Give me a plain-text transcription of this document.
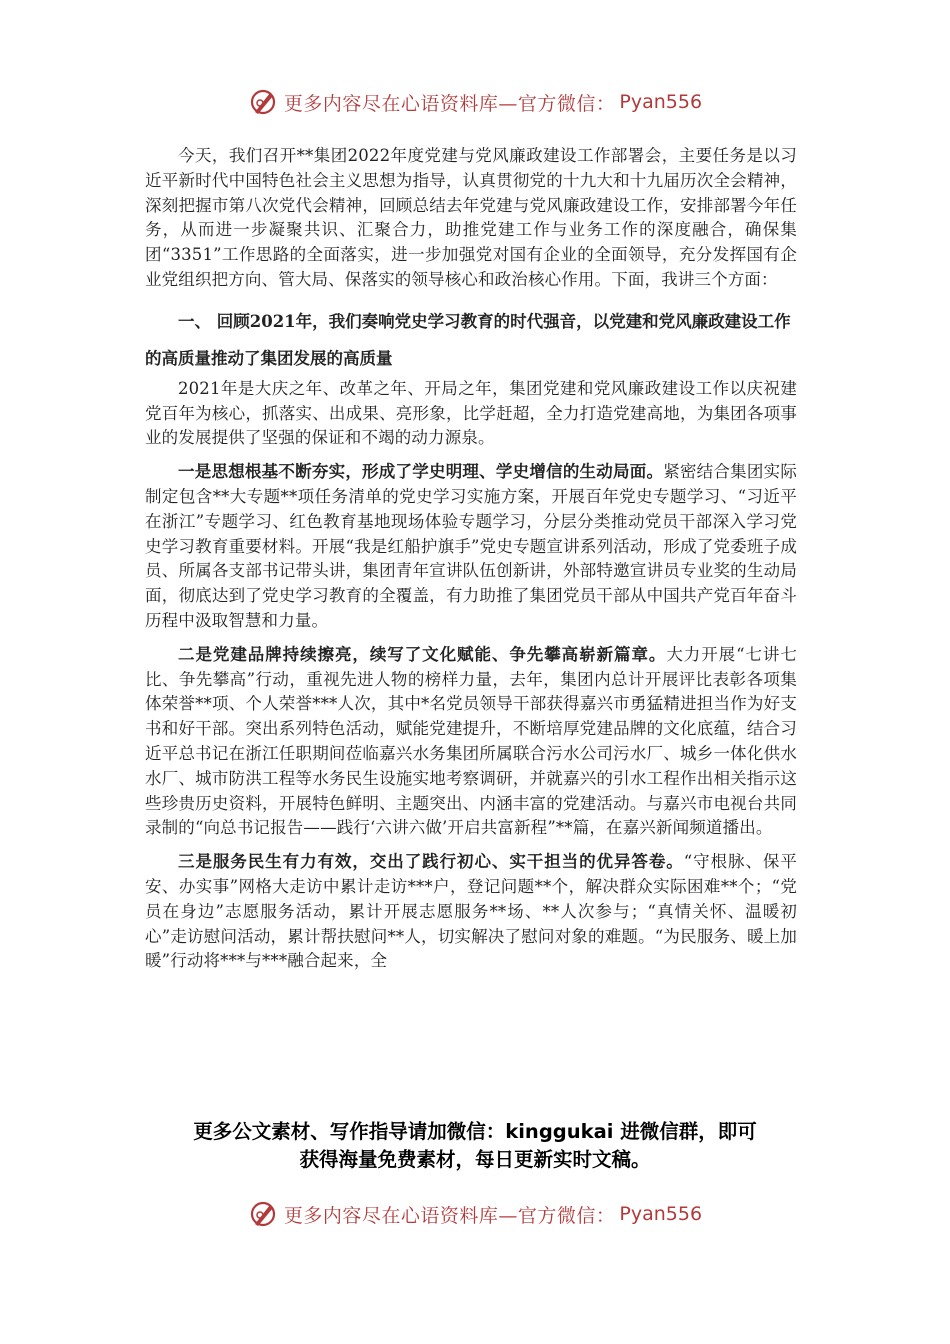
更多内容尽在心语资料库—官方微信： Pyan556

今天，我们召开**集团2022年度党建与党风廉政建设工作部署会，主要任务是以习近平新时代中国特色社会主义思想为指导，认真贯彻党的十九大和十九届历次全会精神，深刻把握市第八次党代会精神，回顾总结去年党建与党风廉政建设工作，安排部署今年任务，从而进一步凝聚共识、汇聚合力，助推党建工作与业务工作的深度融合，确保集团“3351”工作思路的全面落实，进一步加强党对国有企业的全面领导，充分发挥国有企业党组织把方向、管大局、保落实的领导核心和政治核心作用。下面，我讲三个方面：

一、 回顾2021年，我们奏响党史学习教育的时代强音，以党建和党风廉政建设工作的高质量推动了集团发展的高质量

2021年是大庆之年、改革之年、开局之年，集团党建和党风廉政建设工作以庆祝建党百年为核心，抓落实、出成果、亮形象，比学赶超，全力打造党建高地，为集团各项事业的发展提供了坚强的保证和不竭的动力源泉。

一是思想根基不断夯实，形成了学史明理、学史增信的生动局面。紧密结合集团实际制定包含**大专题**项任务清单的党史学习实施方案，开展百年党史专题学习、“习近平在浙江”专题学习、红色教育基地现场体验专题学习，分层分类推动党员干部深入学习党史学习教育重要材料。开展“我是红船护旗手”党史专题宣讲系列活动，形成了党委班子成员、所属各支部书记带头讲，集团青年宣讲队伍创新讲，外部特邀宣讲员专业奖的生动局面，彻底达到了党史学习教育的全覆盖，有力助推了集团党员干部从中国共产党百年奋斗历程中汲取智慧和力量。

二是党建品牌持续擦亮，续写了文化赋能、争先攀高崭新篇章。大力开展“七讲七比、争先攀高”行动，重视先进人物的榜样力量，去年，集团内总计开展评比表彰各项集体荣誉**项、个人荣誉***人次，其中*名党员领导干部获得嘉兴市勇猛精进担当作为好支书和好干部。突出系列特色活动，赋能党建提升，不断培厚党建品牌的文化底蕴，结合习近平总书记在浙江任职期间莅临嘉兴水务集团所属联合污水公司污水厂、城乡一体化供水水厂、城市防洪工程等水务民生设施实地考察调研，并就嘉兴的引水工程作出相关指示这些珍贵历史资料，开展特色鲜明、主题突出、内涵丰富的党建活动。与嘉兴市电视台共同录制的“向总书记报告——践行‘六讲六做’开启共富新程”**篇，在嘉兴新闻频道播出。

三是服务民生有力有效，交出了践行初心、实干担当的优异答卷。“守根脉、保平安、办实事”网格大走访中累计走访***户，登记问题**个，解决群众实际困难**个；“党员在身边”志愿服务活动，累计开展志愿服务**场、**人次参与；“真情关怀、温暖初心”走访慰问活动，累计帮扶慰问**人，切实解决了慰问对象的难题。“为民服务、暖上加暖”行动将***与***融合起来，全

更多公文素材、写作指导请加微信：kinggukai 进微信群，即可
获得海量免费素材，每日更新实时文稿。
更多内容尽在心语资料库—官方微信： Pyan556
